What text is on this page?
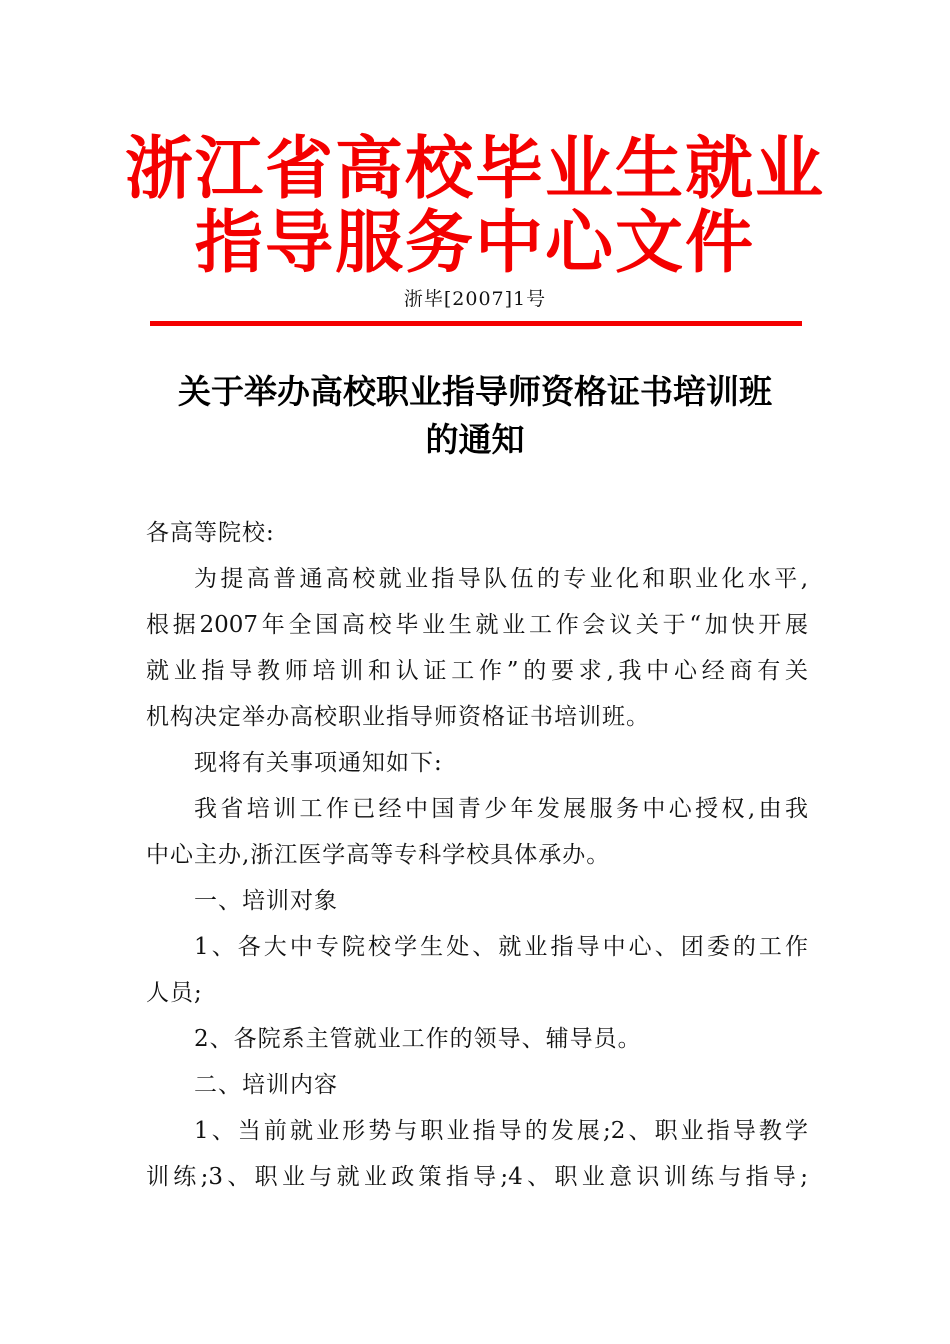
浙江省高校毕业生就业
指导服务中心文件
浙毕[2007]1号
关于举办高校职业指导师资格证书培训班
的通知
各高等院校:
为提高普通高校就业指导队伍的专业化和职业化水平,
根据2007年全国高校毕业生就业工作会议关于“加快开展
就业指导教师培训和认证工作”的要求,我中心经商有关
机构决定举办高校职业指导师资格证书培训班。
现将有关事项通知如下:
我省培训工作已经中国青少年发展服务中心授权,由我
中心主办,浙江医学高等专科学校具体承办。
一、培训对象
1、各大中专院校学生处、就业指导中心、团委的工作
人员;
2、各院系主管就业工作的领导、辅导员。
二、培训内容
1、当前就业形势与职业指导的发展;2、职业指导教学
训练;3、职业与就业政策指导;4、职业意识训练与指导;
